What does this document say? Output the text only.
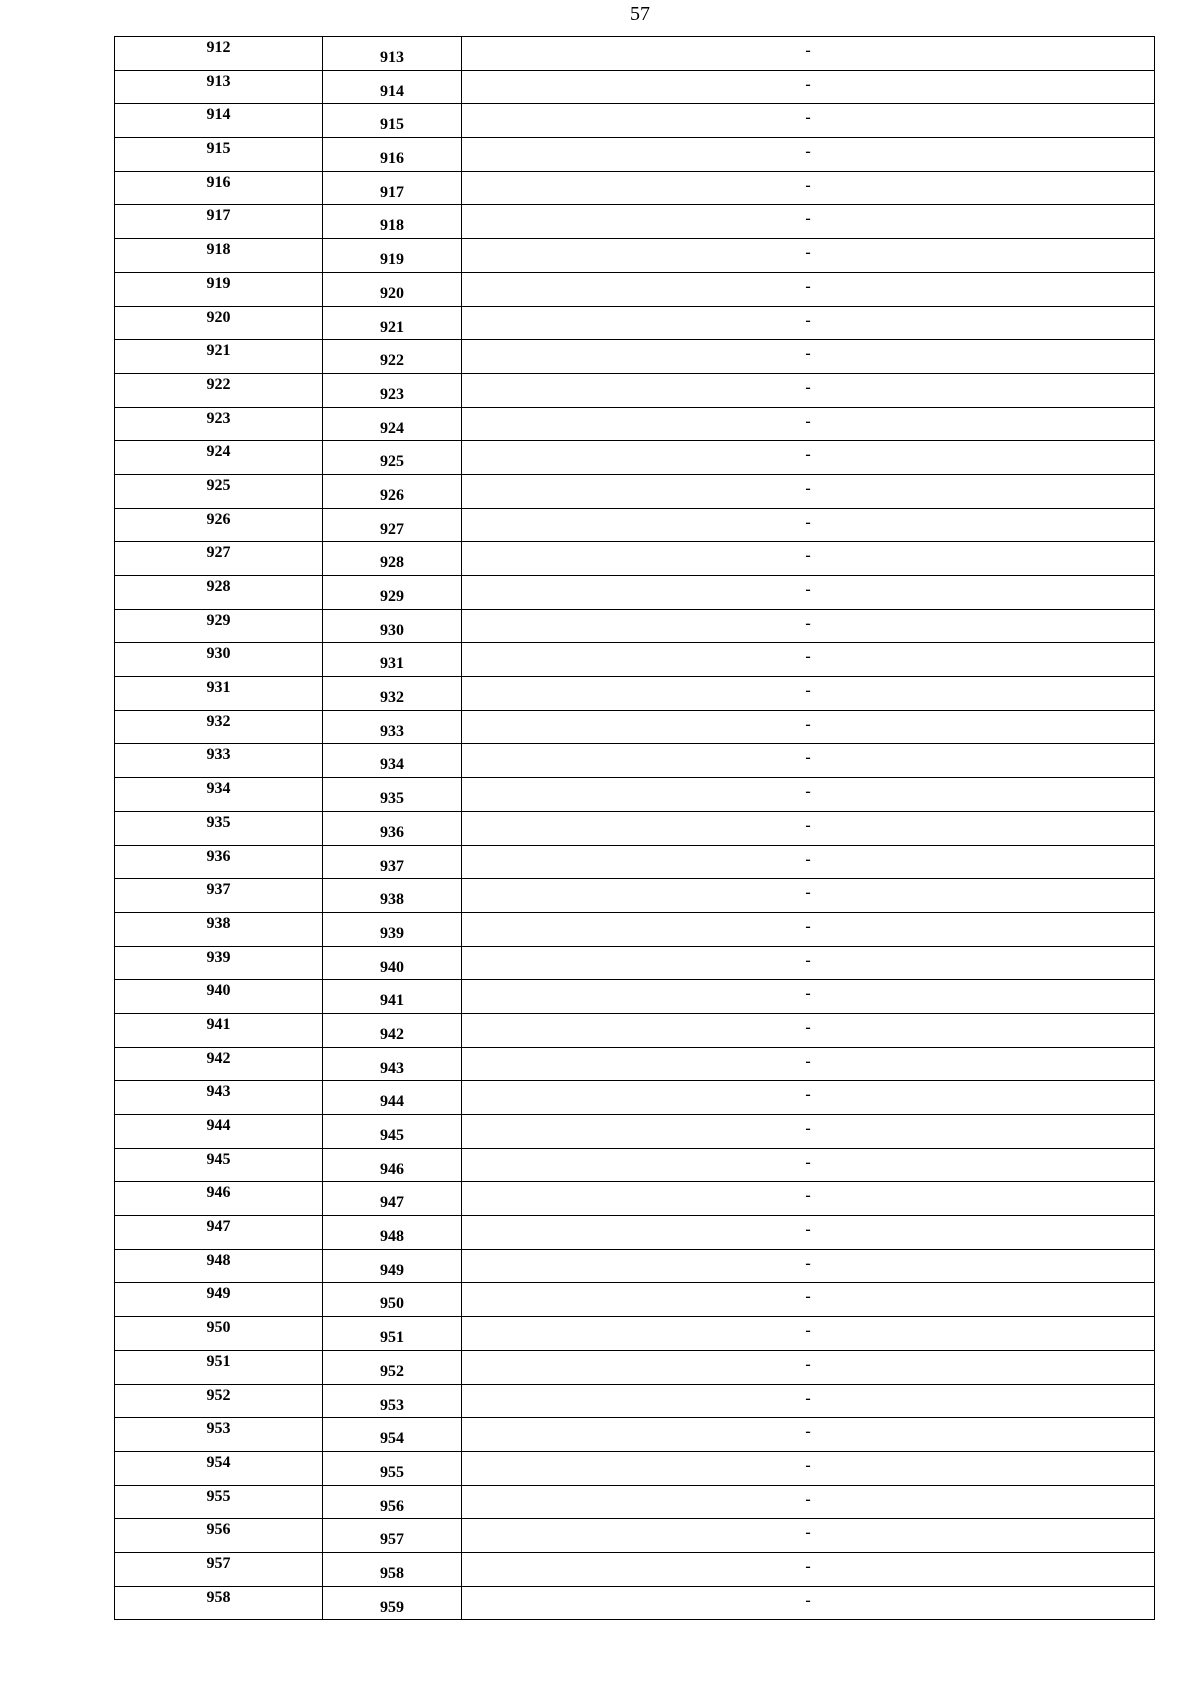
57
912	913	-

913	914	-

914	915	-

915	916	-

916	917	-

917	918	-

918	919	-

919	920	-

920	921	-

921	922	-

922	923	-

923	924	-

924	925	-

925	926	-

926	927	-

927	928	-

928	929	-

929	930	-

930	931	-

931	932	-

932	933	-

933	934	-

934	935	-

935	936	-

936	937	-

937	938	-

938	939	-

939	940	-

940	941	-

941	942	-

942	943	-

943	944	-

944	945	-

945	946	-

946	947	-

947	948	-

948	949	-

949	950	-

950	951	-

951	952	-

952	953	-

953	954	-

954	955	-

955	956	-

956	957	-

957	958	-

958	959	-
